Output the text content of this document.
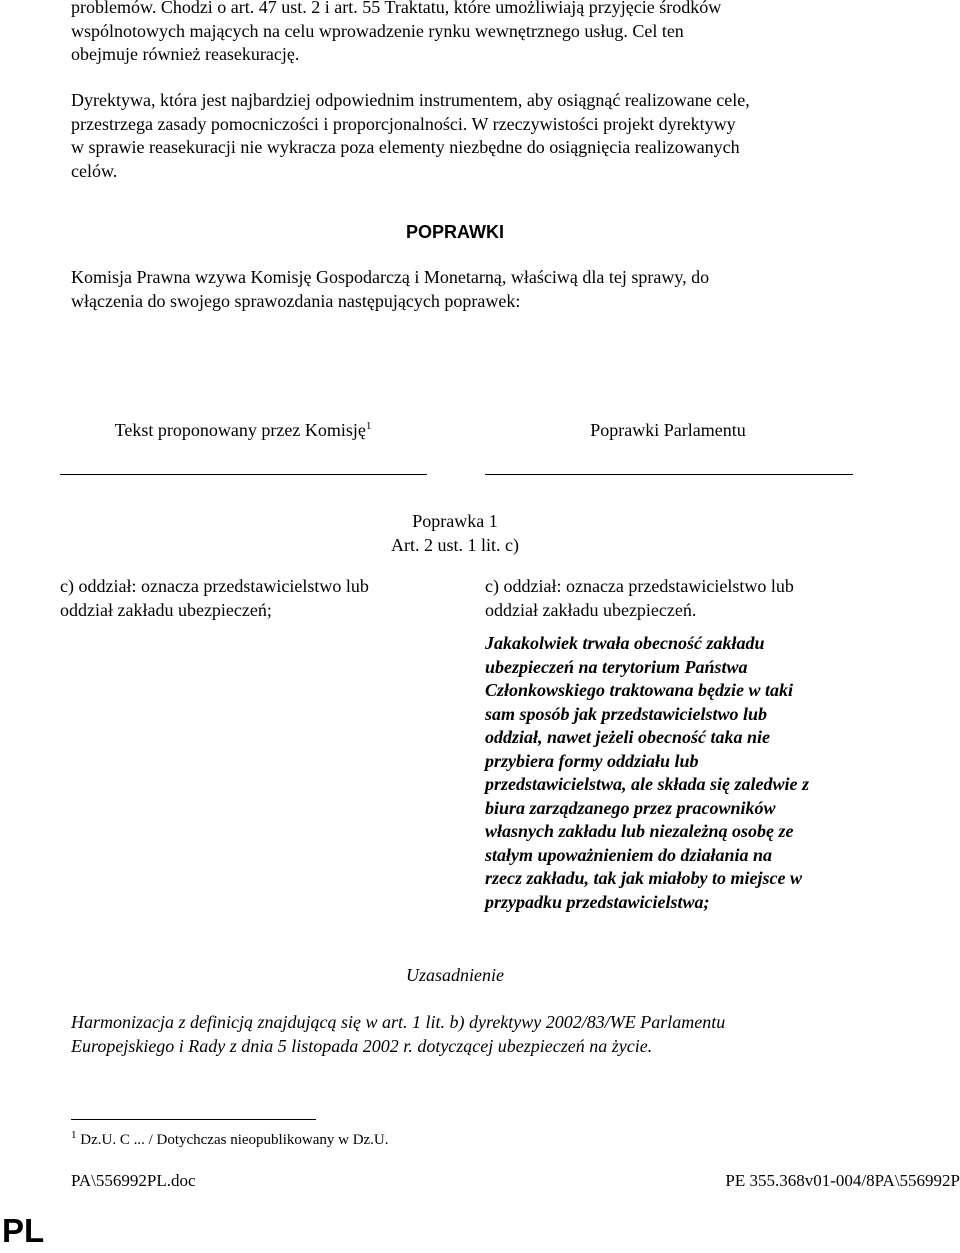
problemów. Chodzi o art. 47 ust. 2 i art. 55 Traktatu, które umożliwiają przyjęcie środków
wspólnotowych mających na celu wprowadzenie rynku wewnętrznego usług. Cel ten
obejmuje również reasekurację.

Dyrektywa, która jest najbardziej odpowiednim instrumentem, aby osiągnąć realizowane cele,
przestrzega zasady pomocniczości i proporcjonalności. W rzeczywistości projekt dyrektywy
w sprawie reasekuracji nie wykracza poza elementy niezbędne do osiągnięcia realizowanych
celów.

POPRAWKI

Komisja Prawna wzywa Komisję Gospodarczą i Monetarną, właściwą dla tej sprawy, do
włączenia do swojego sprawozdania następujących poprawek:

Tekst proponowany przez Komisję$^1$	Poprawki Parlamentu
Poprawka 1
Art. 2 ust. 1 lit. c)

c) oddział: oznacza przedstawicielstwo lub
oddział zakładu ubezpieczeń;

c) oddział: oznacza przedstawicielstwo lub
oddział zakładu ubezpieczeń.

Jakakolwiek trwała obecność zakładu
ubezpieczeń na terytorium Państwa
Członkowskiego traktowana będzie w taki
sam sposób jak przedstawicielstwo lub
oddział, nawet jeżeli obecność taka nie
przybiera formy oddziału lub
przedstawicielstwa, ale składa się zaledwie z
biura zarządzanego przez pracowników
własnych zakładu lub niezależną osobę ze
stałym upoważnieniem do działania na
rzecz zakładu, tak jak miałoby to miejsce w
przypadku przedstawicielstwa;

Uzasadnienie

Harmonizacja z definicją znajdującą się w art. 1 lit. b) dyrektywy 2002/83/WE Parlamentu
Europejskiego i Rady z dnia 5 listopada 2002 r. dotyczącej ubezpieczeń na życie.

$^1$ Dz.U. C ... / Dotychczas nieopublikowany w Dz.U.
PA\556992PL.doc	PE 355.368v01-004/8PA\556992P
PL
